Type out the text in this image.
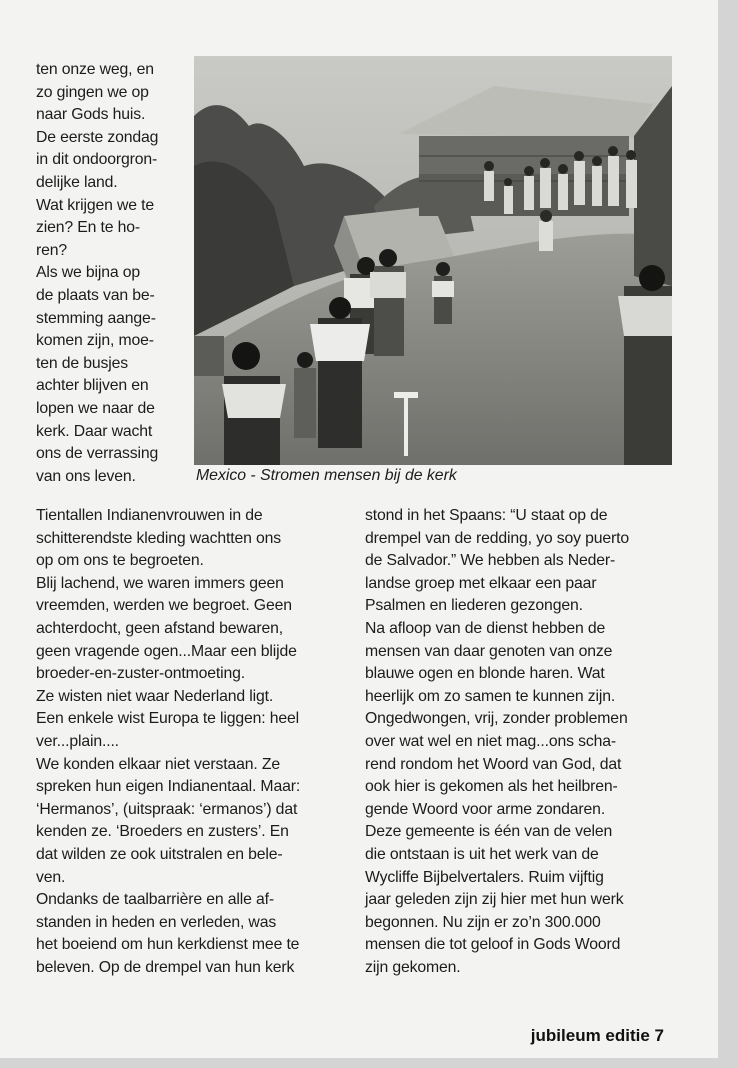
ten onze weg, en
zo gingen we op
naar Gods huis.
De eerste zondag
in dit ondoorgron-
delijke land.
Wat krijgen we te
zien? En te ho-
ren?
Als we bijna op
de plaats van be-
stemming aange-
komen zijn, moe-
ten de busjes
achter blijven en
lopen we naar de
kerk. Daar wacht
ons de verrassing
van ons leven.	Mexico - Stromen mensen bij de kerk
Tientallen Indianenvrouwen in de
schitterendste kleding wachtten ons
op om ons te begroeten.
Blij lachend, we waren immers geen
vreemden, werden we begroet. Geen
achterdocht, geen afstand bewaren,
geen vragende ogen...Maar een blijde
broeder-en-zuster-ontmoeting.
Ze wisten niet waar Nederland ligt.
Een enkele wist Europa te liggen: heel
ver...plain....
We konden elkaar niet verstaan. Ze
spreken hun eigen Indianentaal. Maar:
‘Hermanos’, (uitspraak: ‘ermanos’) dat
kenden ze. ‘Broeders en zusters’. En
dat wilden ze ook uitstralen en bele-
ven.
Ondanks de taalbarrière en alle af-
standen in heden en verleden, was
het boeiend om hun kerkdienst mee te
beleven. Op de drempel van hun kerk
stond in het Spaans: “U staat op de
drempel van de redding, yo soy puerto
de Salvador.” We hebben als Neder-
landse groep met elkaar een paar
Psalmen en liederen gezongen.
Na afloop van de dienst hebben de
mensen van daar genoten van onze
blauwe ogen en blonde haren. Wat
heerlijk om zo samen te kunnen zijn.
Ongedwongen, vrij, zonder problemen
over wat wel en niet mag...ons scha-
rend rondom het Woord van God, dat
ook hier is gekomen als het heilbren-
gende Woord voor arme zondaren.
Deze gemeente is één van de velen
die ontstaan is uit het werk van de
Wycliffe Bijbelvertalers. Ruim vijftig
jaar geleden zijn zij hier met hun werk
begonnen. Nu zijn er zo’n 300.000
mensen die tot geloof in Gods Woord
zijn gekomen.
jubileum editie 7
